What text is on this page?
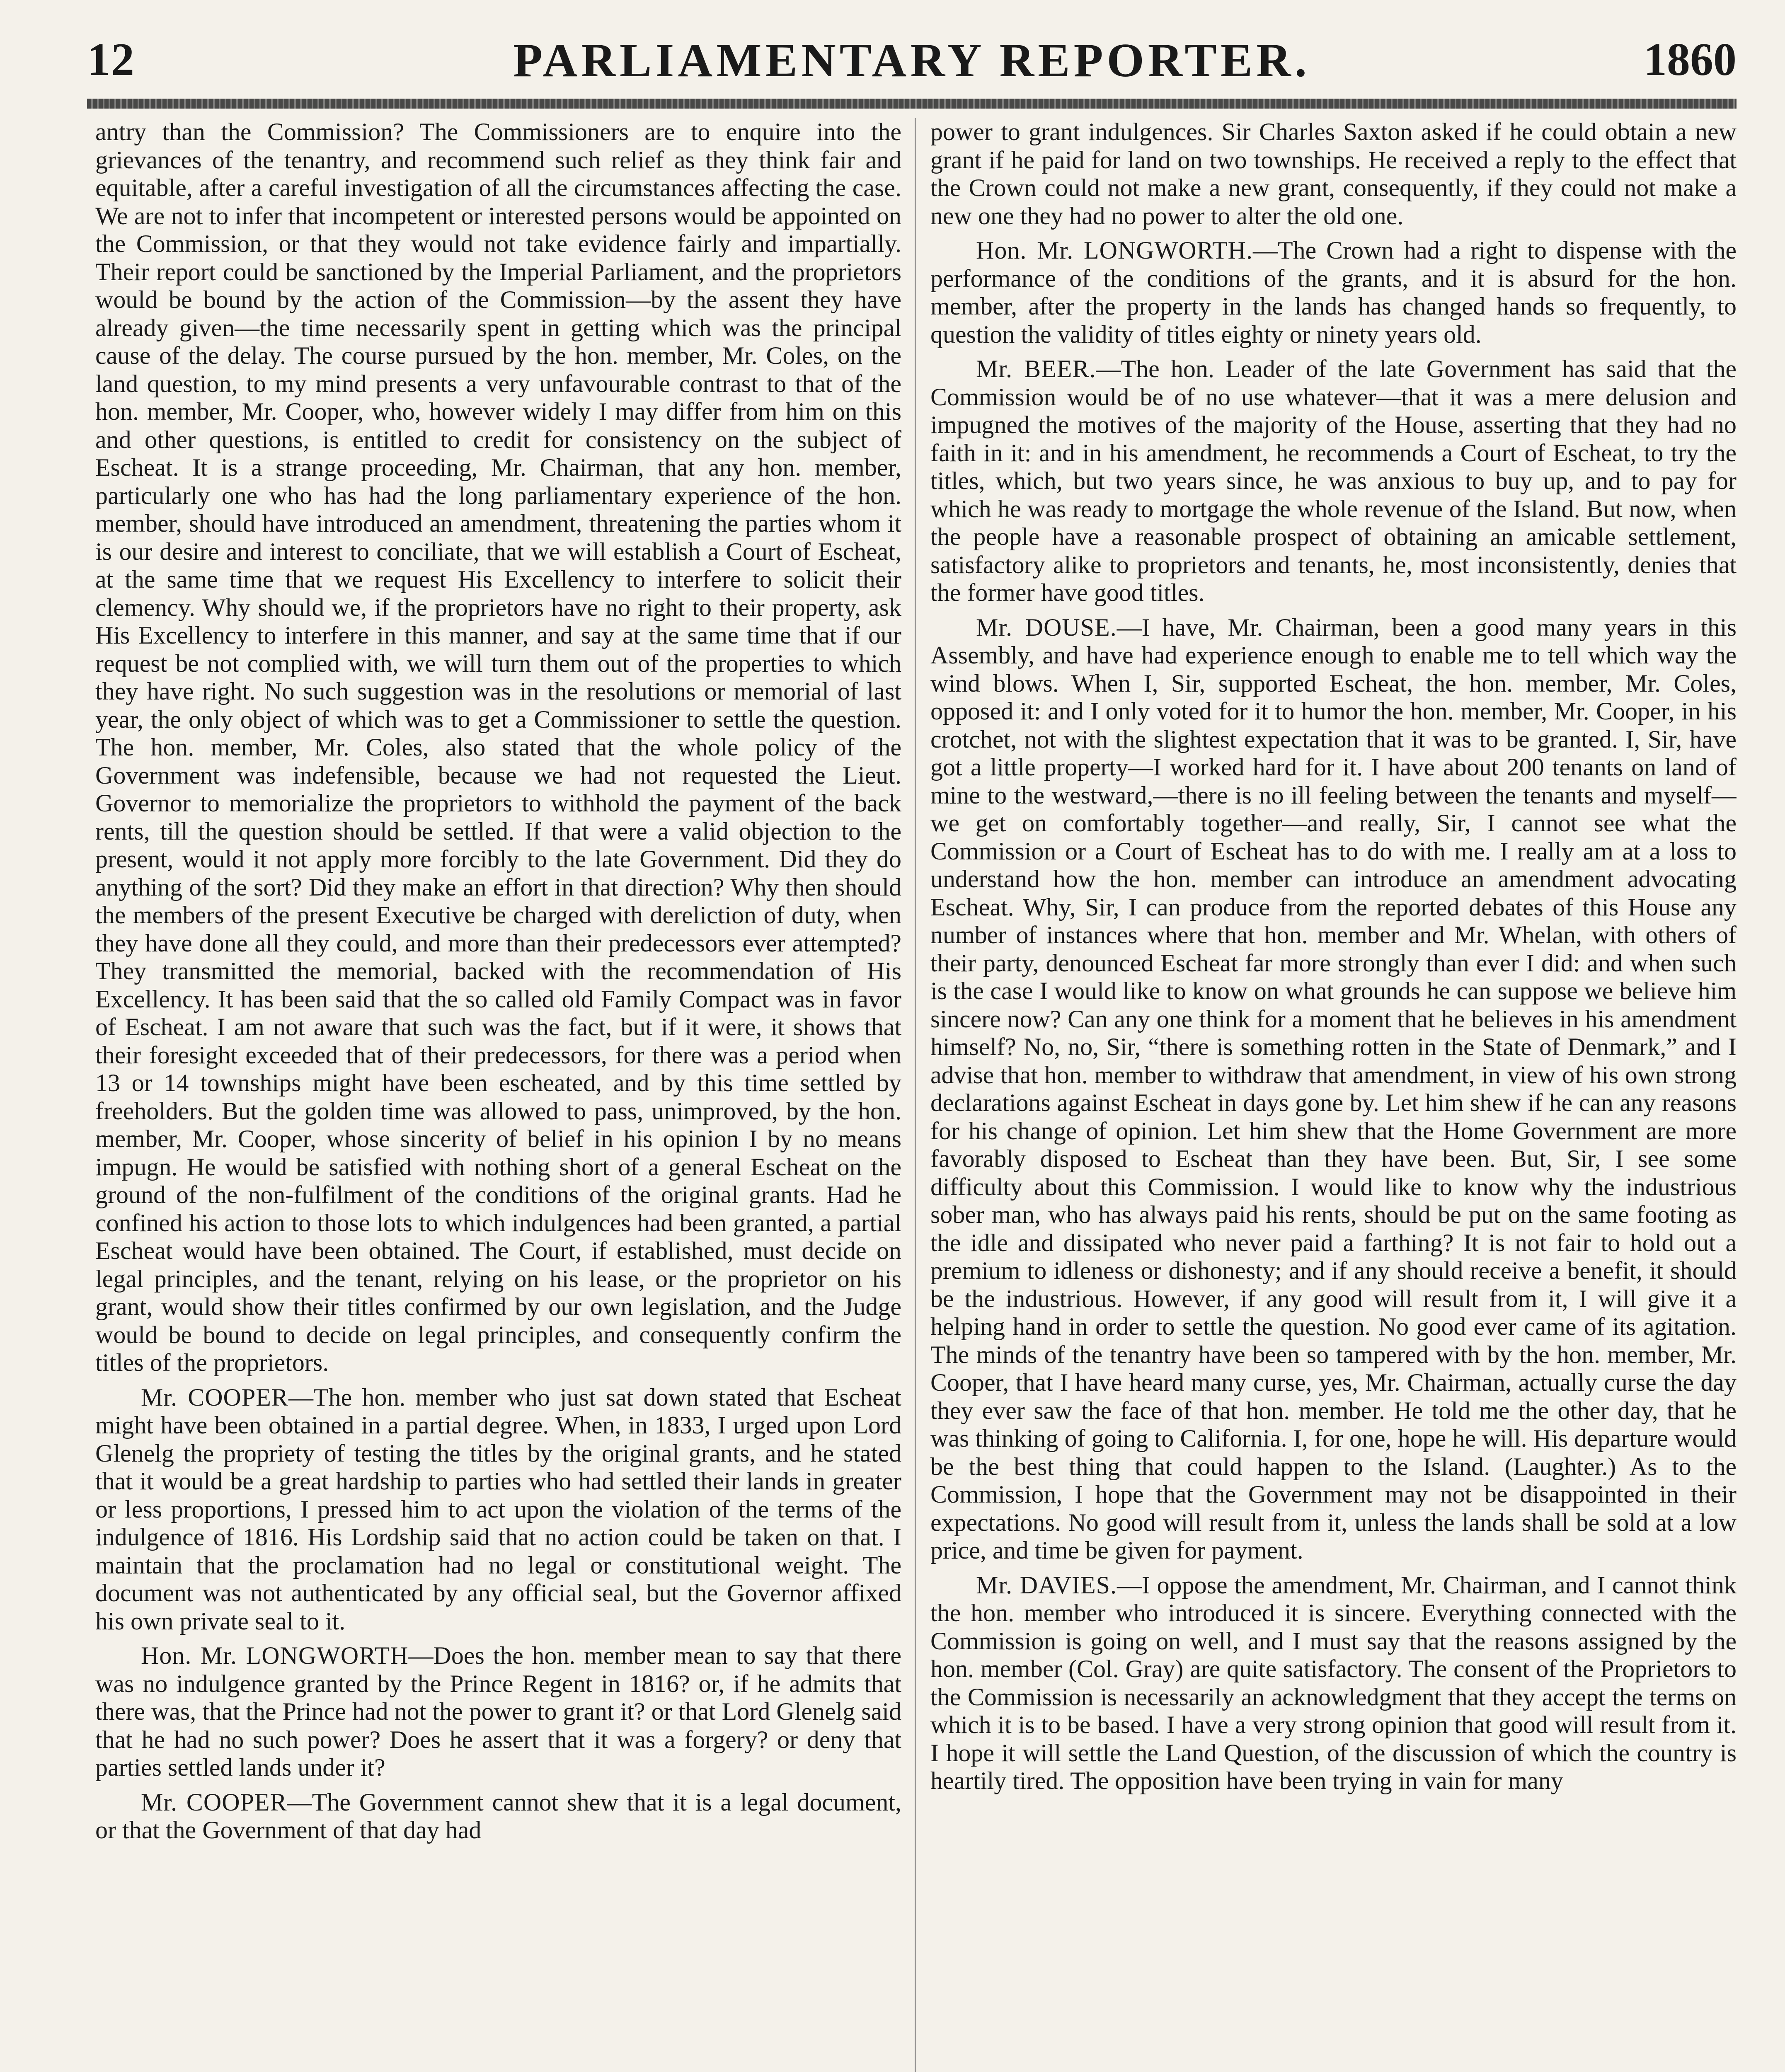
12	PARLIAMENTARY REPORTER.	1860

antry than the Commission? The Commissioners are to enquire into the grievances of the tenantry, and recommend such relief as they think fair and equitable, after a careful investigation of all the circumstances affecting the case. We are not to infer that incompetent or interested persons would be appointed on the Commission, or that they would not take evidence fairly and impartially. Their report could be sanctioned by the Imperial Parliament, and the proprietors would be bound by the action of the Commission—by the assent they have already given—the time necessarily spent in getting which was the principal cause of the delay. The course pursued by the hon. member, Mr. Coles, on the land question, to my mind presents a very unfavourable contrast to that of the hon. member, Mr. Cooper, who, however widely I may differ from him on this and other questions, is entitled to credit for consistency on the subject of Escheat. It is a strange proceeding, Mr. Chairman, that any hon. member, particularly one who has had the long parliamentary experience of the hon. member, should have introduced an amendment, threatening the parties whom it is our desire and interest to conciliate, that we will establish a Court of Escheat, at the same time that we request His Excellency to interfere to solicit their clemency. Why should we, if the proprietors have no right to their property, ask His Excellency to interfere in this manner, and say at the same time that if our request be not complied with, we will turn them out of the properties to which they have right. No such suggestion was in the resolutions or memorial of last year, the only object of which was to get a Commissioner to settle the question. The hon. member, Mr. Coles, also stated that the whole policy of the Government was indefensible, because we had not requested the Lieut. Governor to memorialize the proprietors to withhold the payment of the back rents, till the question should be settled. If that were a valid objection to the present, would it not apply more forcibly to the late Government. Did they do anything of the sort? Did they make an effort in that direction? Why then should the members of the present Executive be charged with dereliction of duty, when they have done all they could, and more than their predecessors ever attempted? They transmitted the memorial, backed with the recommendation of His Excellency. It has been said that the so called old Family Compact was in favor of Escheat. I am not aware that such was the fact, but if it were, it shows that their foresight exceeded that of their predecessors, for there was a period when 13 or 14 townships might have been escheated, and by this time settled by freeholders. But the golden time was allowed to pass, unimproved, by the hon. member, Mr. Cooper, whose sincerity of belief in his opinion I by no means impugn. He would be satisfied with nothing short of a general Escheat on the ground of the non-fulfilment of the conditions of the original grants. Had he confined his action to those lots to which indulgences had been granted, a partial Escheat would have been obtained. The Court, if established, must decide on legal principles, and the tenant, relying on his lease, or the proprietor on his grant, would show their titles confirmed by our own legislation, and the Judge would be bound to decide on legal principles, and consequently confirm the titles of the proprietors.

Mr. COOPER—The hon. member who just sat down stated that Escheat might have been obtained in a partial degree. When, in 1833, I urged upon Lord Glenelg the propriety of testing the titles by the original grants, and he stated that it would be a great hardship to parties who had settled their lands in greater or less proportions, I pressed him to act upon the violation of the terms of the indulgence of 1816. His Lordship said that no action could be taken on that. I maintain that the proclamation had no legal or constitutional weight. The document was not authenticated by any official seal, but the Governor affixed his own private seal to it.

Hon. Mr. LONGWORTH—Does the hon. member mean to say that there was no indulgence granted by the Prince Regent in 1816? or, if he admits that there was, that the Prince had not the power to grant it? or that Lord Glenelg said that he had no such power? Does he assert that it was a forgery? or deny that parties settled lands under it?

Mr. COOPER—The Government cannot shew that it is a legal document, or that the Government of that day had

power to grant indulgences. Sir Charles Saxton asked if he could obtain a new grant if he paid for land on two townships. He received a reply to the effect that the Crown could not make a new grant, consequently, if they could not make a new one they had no power to alter the old one.

Hon. Mr. LONGWORTH.—The Crown had a right to dispense with the performance of the conditions of the grants, and it is absurd for the hon. member, after the property in the lands has changed hands so frequently, to question the validity of titles eighty or ninety years old.

Mr. BEER.—The hon. Leader of the late Government has said that the Commission would be of no use whatever—that it was a mere delusion and impugned the motives of the majority of the House, asserting that they had no faith in it: and in his amendment, he recommends a Court of Escheat, to try the titles, which, but two years since, he was anxious to buy up, and to pay for which he was ready to mortgage the whole revenue of the Island. But now, when the people have a reasonable prospect of obtaining an amicable settlement, satisfactory alike to proprietors and tenants, he, most inconsistently, denies that the former have good titles.

Mr. DOUSE.—I have, Mr. Chairman, been a good many years in this Assembly, and have had experience enough to enable me to tell which way the wind blows. When I, Sir, supported Escheat, the hon. member, Mr. Coles, opposed it: and I only voted for it to humor the hon. member, Mr. Cooper, in his crotchet, not with the slightest expectation that it was to be granted. I, Sir, have got a little property—I worked hard for it. I have about 200 tenants on land of mine to the westward,—there is no ill feeling between the tenants and myself—we get on comfortably together—and really, Sir, I cannot see what the Commission or a Court of Escheat has to do with me. I really am at a loss to understand how the hon. member can introduce an amendment advocating Escheat. Why, Sir, I can produce from the reported debates of this House any number of instances where that hon. member and Mr. Whelan, with others of their party, denounced Escheat far more strongly than ever I did: and when such is the case I would like to know on what grounds he can suppose we believe him sincere now? Can any one think for a moment that he believes in his amendment himself? No, no, Sir, “there is something rotten in the State of Denmark,” and I advise that hon. member to withdraw that amendment, in view of his own strong declarations against Escheat in days gone by. Let him shew if he can any reasons for his change of opinion. Let him shew that the Home Government are more favorably disposed to Escheat than they have been. But, Sir, I see some difficulty about this Commission. I would like to know why the industrious sober man, who has always paid his rents, should be put on the same footing as the idle and dissipated who never paid a farthing? It is not fair to hold out a premium to idleness or dishonesty; and if any should receive a benefit, it should be the industrious. However, if any good will result from it, I will give it a helping hand in order to settle the question. No good ever came of its agitation. The minds of the tenantry have been so tampered with by the hon. member, Mr. Cooper, that I have heard many curse, yes, Mr. Chairman, actually curse the day they ever saw the face of that hon. member. He told me the other day, that he was thinking of going to California. I, for one, hope he will. His departure would be the best thing that could happen to the Island. (Laughter.) As to the Commission, I hope that the Government may not be disappointed in their expectations. No good will result from it, unless the lands shall be sold at a low price, and time be given for payment.

Mr. DAVIES.—I oppose the amendment, Mr. Chairman, and I cannot think the hon. member who introduced it is sincere. Everything connected with the Commission is going on well, and I must say that the reasons assigned by the hon. member (Col. Gray) are quite satisfactory. The consent of the Proprietors to the Commission is necessarily an acknowledgment that they accept the terms on which it is to be based. I have a very strong opinion that good will result from it. I hope it will settle the Land Question, of the discussion of which the country is heartily tired. The opposition have been trying in vain for many
